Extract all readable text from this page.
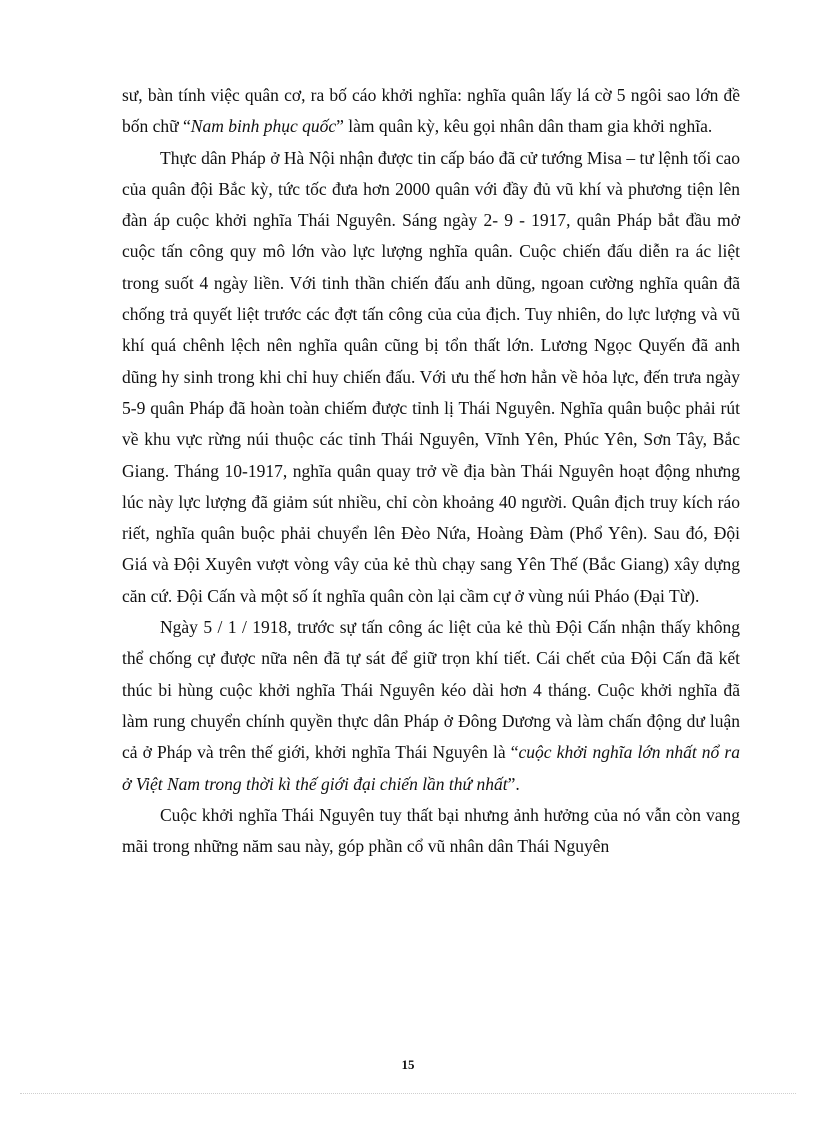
sư, bàn tính việc quân cơ, ra bố cáo khởi nghĩa: nghĩa quân lấy lá cờ 5 ngôi sao lớn đề bốn chữ “Nam binh phục quốc” làm quân kỳ, kêu gọi nhân dân tham gia khởi nghĩa.

Thực dân Pháp ở Hà Nội nhận được tin cấp báo đã cử tướng Misa – tư lệnh tối cao của quân đội Bắc kỳ, tức tốc đưa hơn 2000 quân với đầy đủ vũ khí và phương tiện lên đàn áp cuộc khởi nghĩa Thái Nguyên. Sáng ngày 2- 9 - 1917, quân Pháp bắt đầu mở cuộc tấn công quy mô lớn vào lực lượng nghĩa quân. Cuộc chiến đấu diễn ra ác liệt trong suốt 4 ngày liền. Với tinh thần chiến đấu anh dũng, ngoan cường nghĩa quân đã chống trả quyết liệt trước các đợt tấn công của của địch. Tuy nhiên, do lực lượng và vũ khí quá chênh lệch nên nghĩa quân cũng bị tổn thất lớn. Lương Ngọc Quyến đã anh dũng hy sinh trong khi chỉ huy chiến đấu. Với ưu thế hơn hẳn về hỏa lực, đến trưa ngày 5-9 quân Pháp đã hoàn toàn chiếm được tỉnh lị Thái Nguyên. Nghĩa quân buộc phải rút về khu vực rừng núi thuộc các tỉnh Thái Nguyên, Vĩnh Yên, Phúc Yên, Sơn Tây, Bắc Giang. Tháng 10-1917, nghĩa quân quay trở về địa bàn Thái Nguyên hoạt động nhưng lúc này lực lượng đã giảm sút nhiều, chỉ còn khoảng 40 người. Quân địch truy kích ráo riết, nghĩa quân buộc phải chuyển lên Đèo Nứa, Hoàng Đàm (Phổ Yên). Sau đó, Đội Giá và Đội Xuyên vượt vòng vây của kẻ thù chạy sang Yên Thế (Bắc Giang) xây dựng căn cứ. Đội Cấn và một số ít nghĩa quân còn lại cầm cự ở vùng núi Pháo (Đại Từ).

Ngày 5 / 1 / 1918, trước sự tấn công ác liệt của kẻ thù Đội Cấn nhận thấy không thể chống cự được nữa nên đã tự sát để giữ trọn khí tiết. Cái chết của Đội Cấn đã kết thúc bi hùng cuộc khởi nghĩa Thái Nguyên kéo dài hơn 4 tháng. Cuộc khởi nghĩa đã làm rung chuyển chính quyền thực dân Pháp ở Đông Dương và làm chấn động dư luận cả ở Pháp và trên thế giới, khởi nghĩa Thái Nguyên là “cuộc khởi nghĩa lớn nhất nổ ra ở Việt Nam trong thời kì thế giới đại chiến lần thứ nhất”.

Cuộc khởi nghĩa Thái Nguyên tuy thất bại nhưng ảnh hưởng của nó vẫn còn vang mãi trong những năm sau này, góp phần cổ vũ nhân dân Thái Nguyên

15
